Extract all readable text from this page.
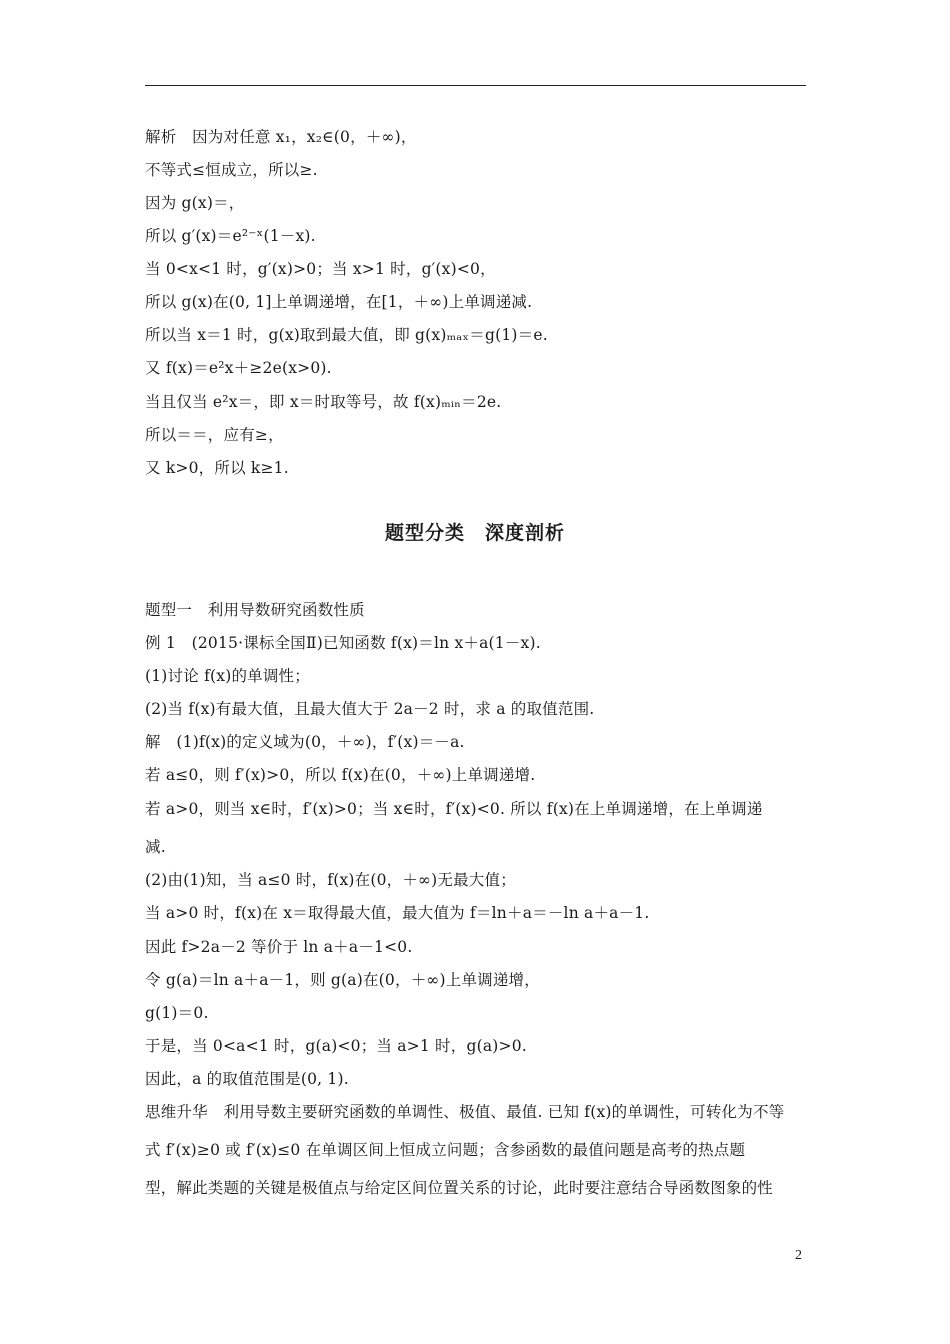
解析　因为对任意 x₁，x₂∈(0，＋∞)，
不等式≤恒成立，所以≥.
因为 g(x)＝，
所以 g′(x)＝e²⁻ˣ(1－x).
当 0<x<1 时，g′(x)>0；当 x>1 时，g′(x)<0，
所以 g(x)在(0, 1]上单调递增，在[1，＋∞)上单调递减.
所以当 x＝1 时，g(x)取到最大值，即 g(x)ₘₐₓ＝g(1)＝e.
又 f(x)＝e²x＋≥2e(x>0).
当且仅当 e²x＝，即 x＝时取等号，故 f(x)ₘᵢₙ＝2e.
所以＝＝，应有≥，
又 k>0，所以 k≥1.
题型分类　深度剖析
题型一　利用导数研究函数性质
例 1　(2015·课标全国Ⅱ)已知函数 f(x)＝ln x＋a(1－x).
(1)讨论 f(x)的单调性；
(2)当 f(x)有最大值，且最大值大于 2a－2 时，求 a 的取值范围.
解　(1)f(x)的定义域为(0，＋∞)，f′(x)＝－a.
若 a≤0，则 f′(x)>0，所以 f(x)在(0，＋∞)上单调递增.
若 a>0，则当 x∈时，f′(x)>0；当 x∈时，f′(x)<0. 所以 f(x)在上单调递增，在上单调递
减.
(2)由(1)知，当 a≤0 时，f(x)在(0，＋∞)无最大值；
当 a>0 时，f(x)在 x＝取得最大值，最大值为 f＝ln＋a＝－ln a＋a－1.
因此 f>2a－2 等价于 ln a＋a－1<0.
令 g(a)＝ln a＋a－1，则 g(a)在(0，＋∞)上单调递增，
g(1)＝0.
于是，当 0<a<1 时，g(a)<0；当 a>1 时，g(a)>0.
因此，a 的取值范围是(0, 1).
思维升华　利用导数主要研究函数的单调性、极值、最值. 已知 f(x)的单调性，可转化为不等
式 f′(x)≥0 或 f′(x)≤0 在单调区间上恒成立问题；含参函数的最值问题是高考的热点题
型，解此类题的关键是极值点与给定区间位置关系的讨论，此时要注意结合导函数图象的性
2
